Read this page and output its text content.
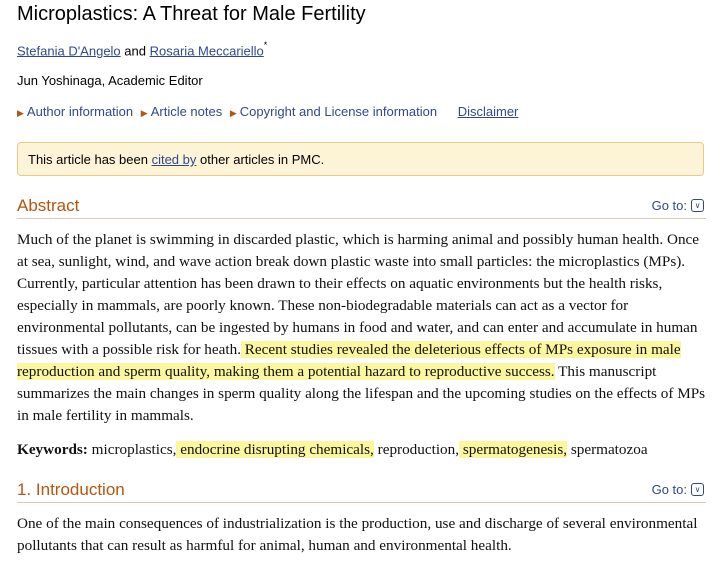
Microplastics: A Threat for Male Fertility
Stefania D'Angelo and Rosaria Meccariello*
Jun Yoshinaga, Academic Editor
▶ Author information ▶ Article notes ▶ Copyright and License information Disclaimer
This article has been cited by other articles in PMC.
Abstract	Go to: ∨
Much of the planet is swimming in discarded plastic, which is harming animal and possibly human health. Once at sea, sunlight, wind, and wave action break down plastic waste into small particles: the microplastics (MPs). Currently, particular attention has been drawn to their effects on aquatic environments but the health risks, especially in mammals, are poorly known. These non-biodegradable materials can act as a vector for environmental pollutants, can be ingested by humans in food and water, and can enter and accumulate in human tissues with a possible risk for heath. Recent studies revealed the deleterious effects of MPs exposure in male reproduction and sperm quality, making them a potential hazard to reproductive success. This manuscript summarizes the main changes in sperm quality along the lifespan and the upcoming studies on the effects of MPs in male fertility in mammals.
Keywords: microplastics, endocrine disrupting chemicals, reproduction, spermatogenesis, spermatozoa
1. Introduction	Go to: ∨
One of the main consequences of industrialization is the production, use and discharge of several environmental pollutants that can result as harmful for animal, human and environmental health.
